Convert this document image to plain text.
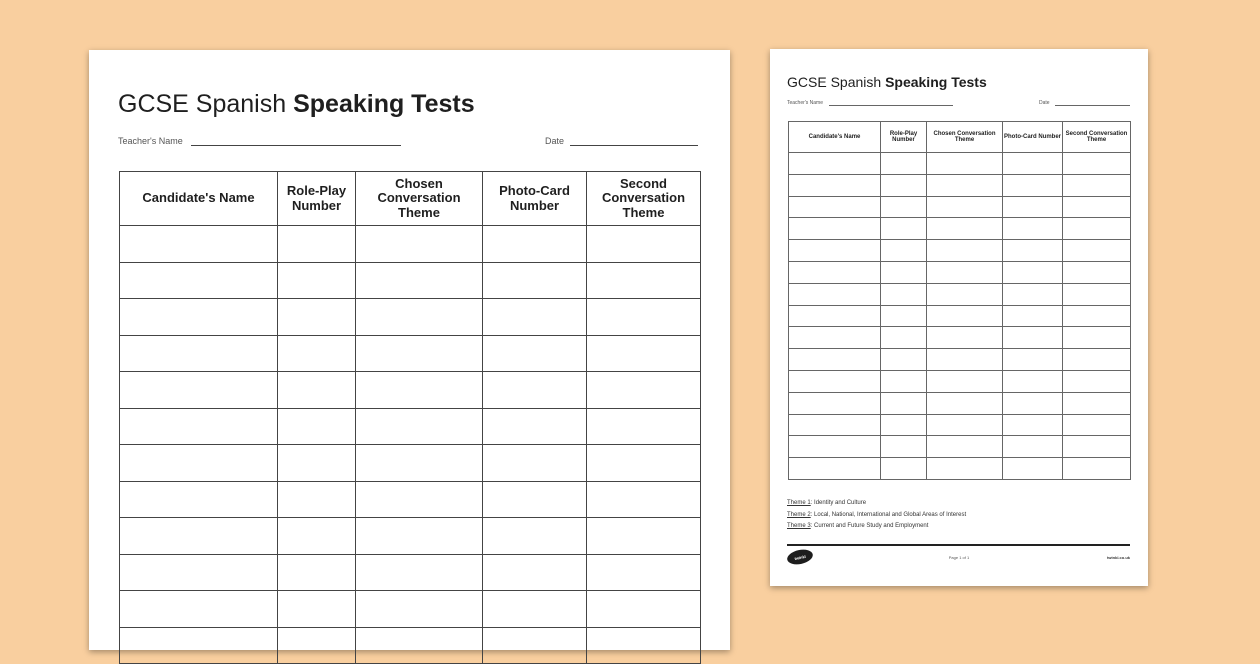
GCSE Spanish Speaking Tests
Teacher's Name	Date
Candidate's Name	Role-Play Number	Chosen Conversation Theme	Photo-Card Number	Second Conversation Theme

GCSE Spanish Speaking Tests
Teacher's Name	Date
Candidate's Name	Role-Play Number	Chosen Conversation Theme	Photo-Card Number	Second Conversation Theme

Theme 1: Identity and Culture
Theme 2: Local, National, International and Global Areas of Interest
Theme 3: Current and Future Study and Employment
twinkl	Page 1 of 1	twinkl.co.uk
